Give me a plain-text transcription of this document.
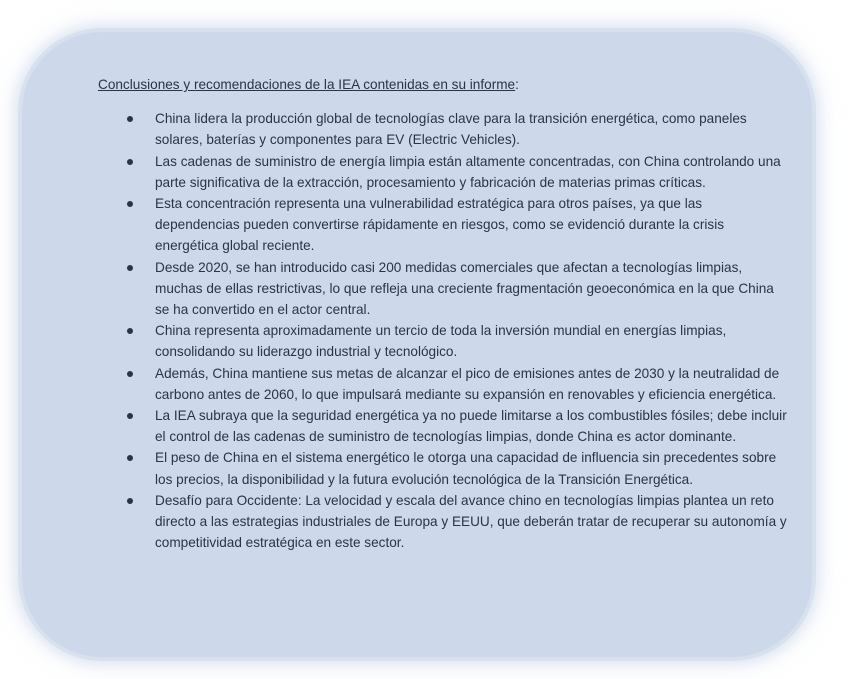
Conclusiones y recomendaciones de la IEA contenidas en su informe:

China lidera la producción global de tecnologías clave para la transición energética, como paneles solares, baterías y componentes para EV (Electric Vehicles).
Las cadenas de suministro de energía limpia están altamente concentradas, con China controlando una parte significativa de la extracción, procesamiento y fabricación de materias primas críticas.
Esta concentración representa una vulnerabilidad estratégica para otros países, ya que las dependencias pueden convertirse rápidamente en riesgos, como se evidenció durante la crisis energética global reciente.
Desde 2020, se han introducido casi 200 medidas comerciales que afectan a tecnologías limpias, muchas de ellas restrictivas, lo que refleja una creciente fragmentación geoeconómica en la que China se ha convertido en el actor central.
China representa aproximadamente un tercio de toda la inversión mundial en energías limpias, consolidando su liderazgo industrial y tecnológico.
Además, China mantiene sus metas de alcanzar el pico de emisiones antes de 2030 y la neutralidad de carbono antes de 2060, lo que impulsará mediante su expansión en renovables y eficiencia energética.
La IEA subraya que la seguridad energética ya no puede limitarse a los combustibles fósiles; debe incluir el control de las cadenas de suministro de tecnologías limpias, donde China es actor dominante.
El peso de China en el sistema energético le otorga una capacidad de influencia sin precedentes sobre los precios, la disponibilidad y la futura evolución tecnológica de la Transición Energética.
Desafío para Occidente: La velocidad y escala del avance chino en tecnologías limpias plantea un reto directo a las estrategias industriales de Europa y EEUU, que deberán tratar de recuperar su autonomía y competitividad estratégica en este sector.
